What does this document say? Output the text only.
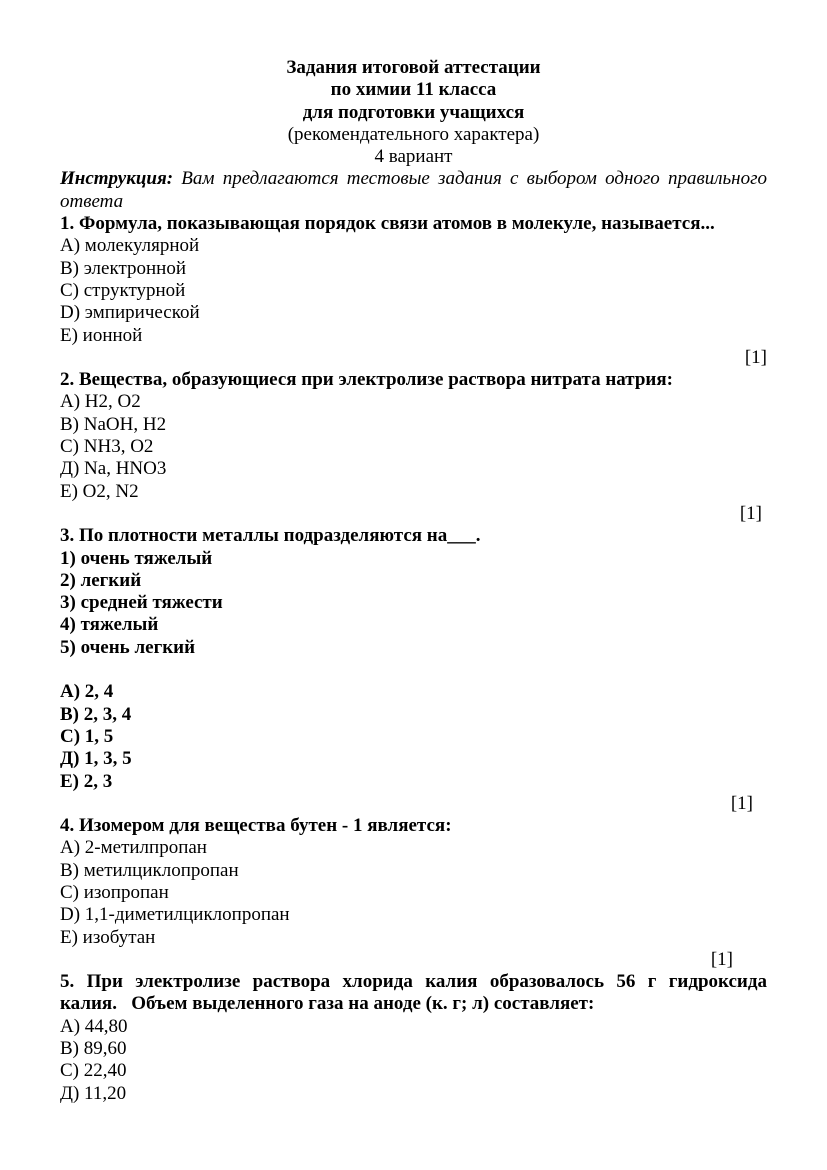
Задания итоговой аттестации
по химии 11 класса
для подготовки учащихся
(рекомендательного характера)
4 вариант
Инструкция: Вам предлагаются тестовые задания с выбором одного правильного
ответа
1. Формула, показывающая порядок связи атомов в молекуле, называется...
A) молекулярной
B) электронной
C) структурной
D) эмпирической
E) ионной
[1]
2. Вещества, образующиеся при электролизе раствора нитрата натрия:
A) H2, O2
B) NaOH, H2
C) NH3, O2
Д) Na, HNO3
E) O2, N2
[1]
3. По плотности металлы подразделяются на___.
1) очень тяжелый
2) легкий
3) средней тяжести
4) тяжелый
5) очень легкий
A) 2, 4
B) 2, 3, 4
C) 1, 5
Д) 1, 3, 5
E) 2, 3
[1]
4. Изомером для вещества бутен - 1 является:
A) 2-метилпропан
B) метилциклопропан
C) изопропан
D) 1,1-диметилциклопропан
E) изобутан
[1]
5. При электролизе раствора хлорида калия образовалось 56 г гидроксида
калия.   Объем выделенного газа на аноде (к. г; л) составляет:
A) 44,80
B) 89,60
C) 22,40
Д) 11,20
